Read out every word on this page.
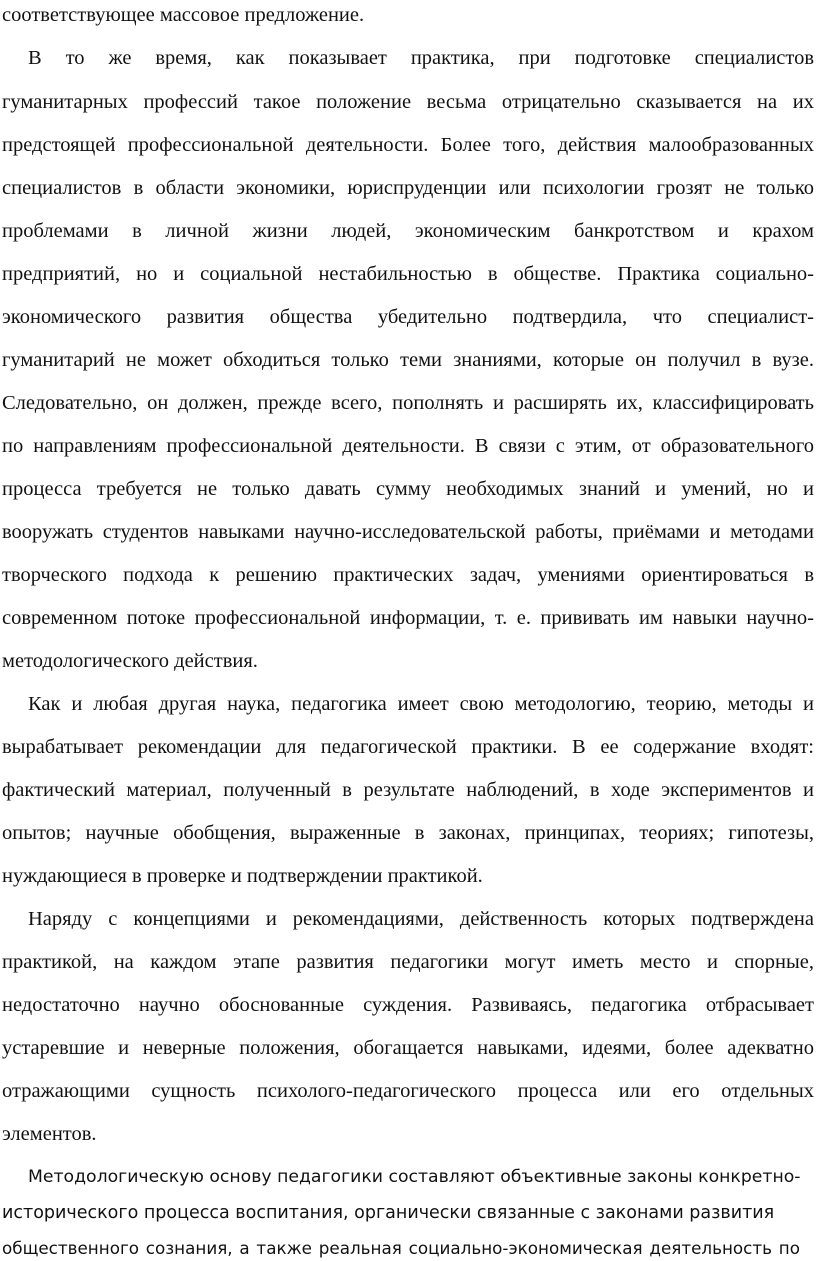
соответствующее массовое предложение.
В то же время, как показывает практика, при подготовке специалистов
гуманитарных профессий такое положение весьма отрицательно сказывается на их
предстоящей профессиональной деятельности. Более того, действия малообразованных
специалистов в области экономики, юриспруденции или психологии грозят не только
проблемами в личной жизни людей, экономическим банкротством и крахом
предприятий, но и социальной нестабильностью в обществе. Практика социально-
экономического развития общества убедительно подтвердила, что специалист-
гуманитарий не может обходиться только теми знаниями, которые он получил в вузе.
Следовательно, он должен, прежде всего, пополнять и расширять их, классифицировать
по направлениям профессиональной деятельности. В связи с этим, от образовательного
процесса требуется не только давать сумму необходимых знаний и умений, но и
вооружать студентов навыками научно-исследовательской работы, приёмами и методами
творческого подхода к решению практических задач, умениями ориентироваться в
современном потоке профессиональной информации, т. е. прививать им навыки научно-
методологического действия.
Как и любая другая наука, педагогика имеет свою методологию, теорию, методы и
вырабатывает рекомендации для педагогической практики. В ее содержание входят:
фактический материал, полученный в результате наблюдений, в ходе экспериментов и
опытов; научные обобщения, выраженные в законах, принципах, теориях; гипотезы,
нуждающиеся в проверке и подтверждении практикой.
Наряду с концепциями и рекомендациями, действенность которых подтверждена
практикой, на каждом этапе развития педагогики могут иметь место и спорные,
недостаточно научно обоснованные суждения. Развиваясь, педагогика отбрасывает
устаревшие и неверные положения, обогащается навыками, идеями, более адекватно
отражающими сущность психолого-педагогического процесса или его отдельных
элементов.
Методологическую основу педагогики составляют объективные законы конкретно-
исторического процесса воспитания, органически связанные с законами развития
общественного сознания, а также реальная социально-экономическая деятельность по
